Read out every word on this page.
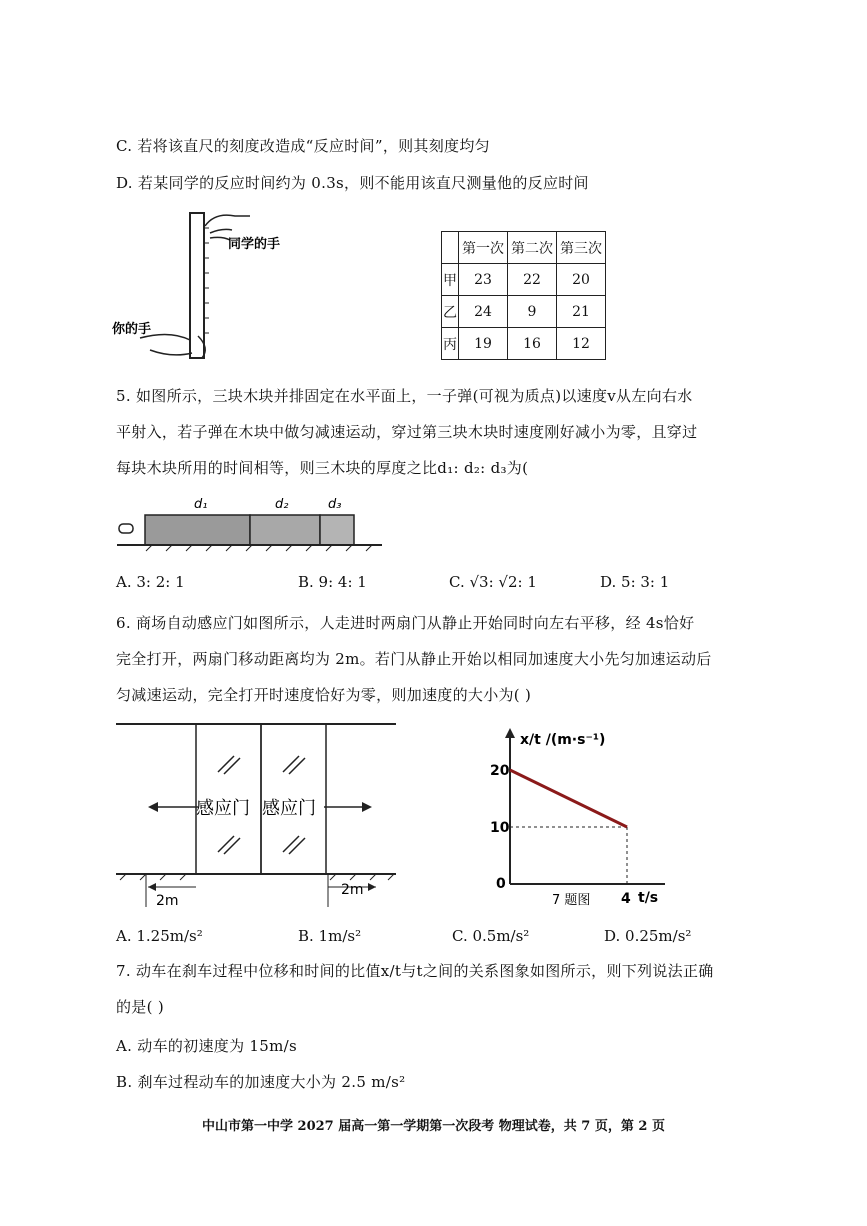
C. 若将该直尺的刻度改造成“反应时间”，则其刻度均匀
D. 若某同学的反应时间约为 0.3s，则不能用该直尺测量他的反应时间
同学的手
你的手
	第一次	第二次	第三次
甲	23	22	20
乙	24	9	21
丙	19	16	12
5. 如图所示，三块木块并排固定在水平面上，一子弹(可视为质点)以速度v从左向右水
平射入，若子弹在木块中做匀减速运动，穿过第三块木块时速度刚好减小为零，且穿过
每块木块所用的时间相等，则三木块的厚度之比d₁: d₂: d₃为(
d₁	d₂	d₃
A. 3: 2: 1	B. 9: 4: 1	C. √3: √2: 1	D. 5: 3: 1
6. 商场自动感应门如图所示，人走进时两扇门从静止开始同时向左右平移，经 4s恰好
完全打开，两扇门移动距离均为 2m。若门从静止开始以相同加速度大小先匀加速运动后
匀减速运动，完全打开时速度恰好为零，则加速度的大小为( )
感应门 感应门
2m
2m
x/t /(m·s⁻¹)
t/s
0
7 题图
10
20
4
A. 1.25m/s²	B. 1m/s²	C. 0.5m/s²	D. 0.25m/s²
7. 动车在刹车过程中位移和时间的比值x/t与t之间的关系图象如图所示，则下列说法正确
的是( )
A. 动车的初速度为 15m/s
B. 刹车过程动车的加速度大小为 2.5 m/s²
中山市第一中学 2027 届高一第一学期第一次段考 物理试卷，共 7 页，第 2 页
